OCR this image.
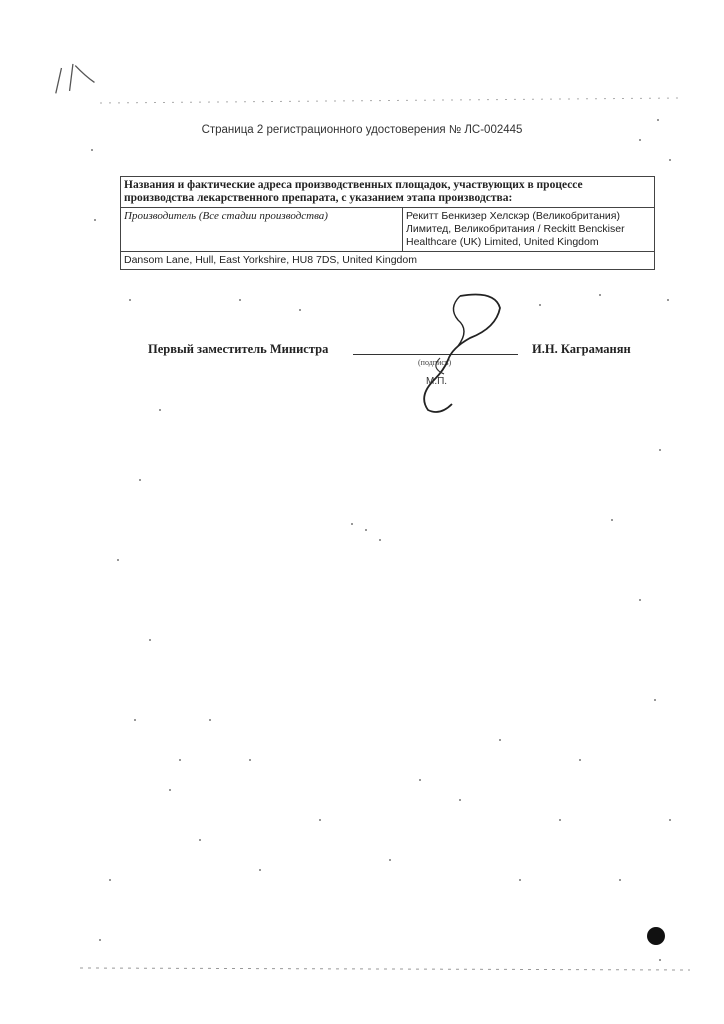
Страница 2 регистрационного удостоверения № ЛС-002445
Названия и фактические адреса производственных площадок, участвующих в процессе производства лекарственного препарата, с указанием этапа производства:
Производитель (Все стадии производства)	Рекитт Бенкизер Хелскэр (Великобритания) Лимитед, Великобритания / Reckitt Benckiser Healthcare (UK) Limited, United Kingdom
Dansom Lane, Hull, East Yorkshire, HU8 7DS, United Kingdom
Первый заместитель Министра
(подпись)
М.П.
И.Н. Каграманян
